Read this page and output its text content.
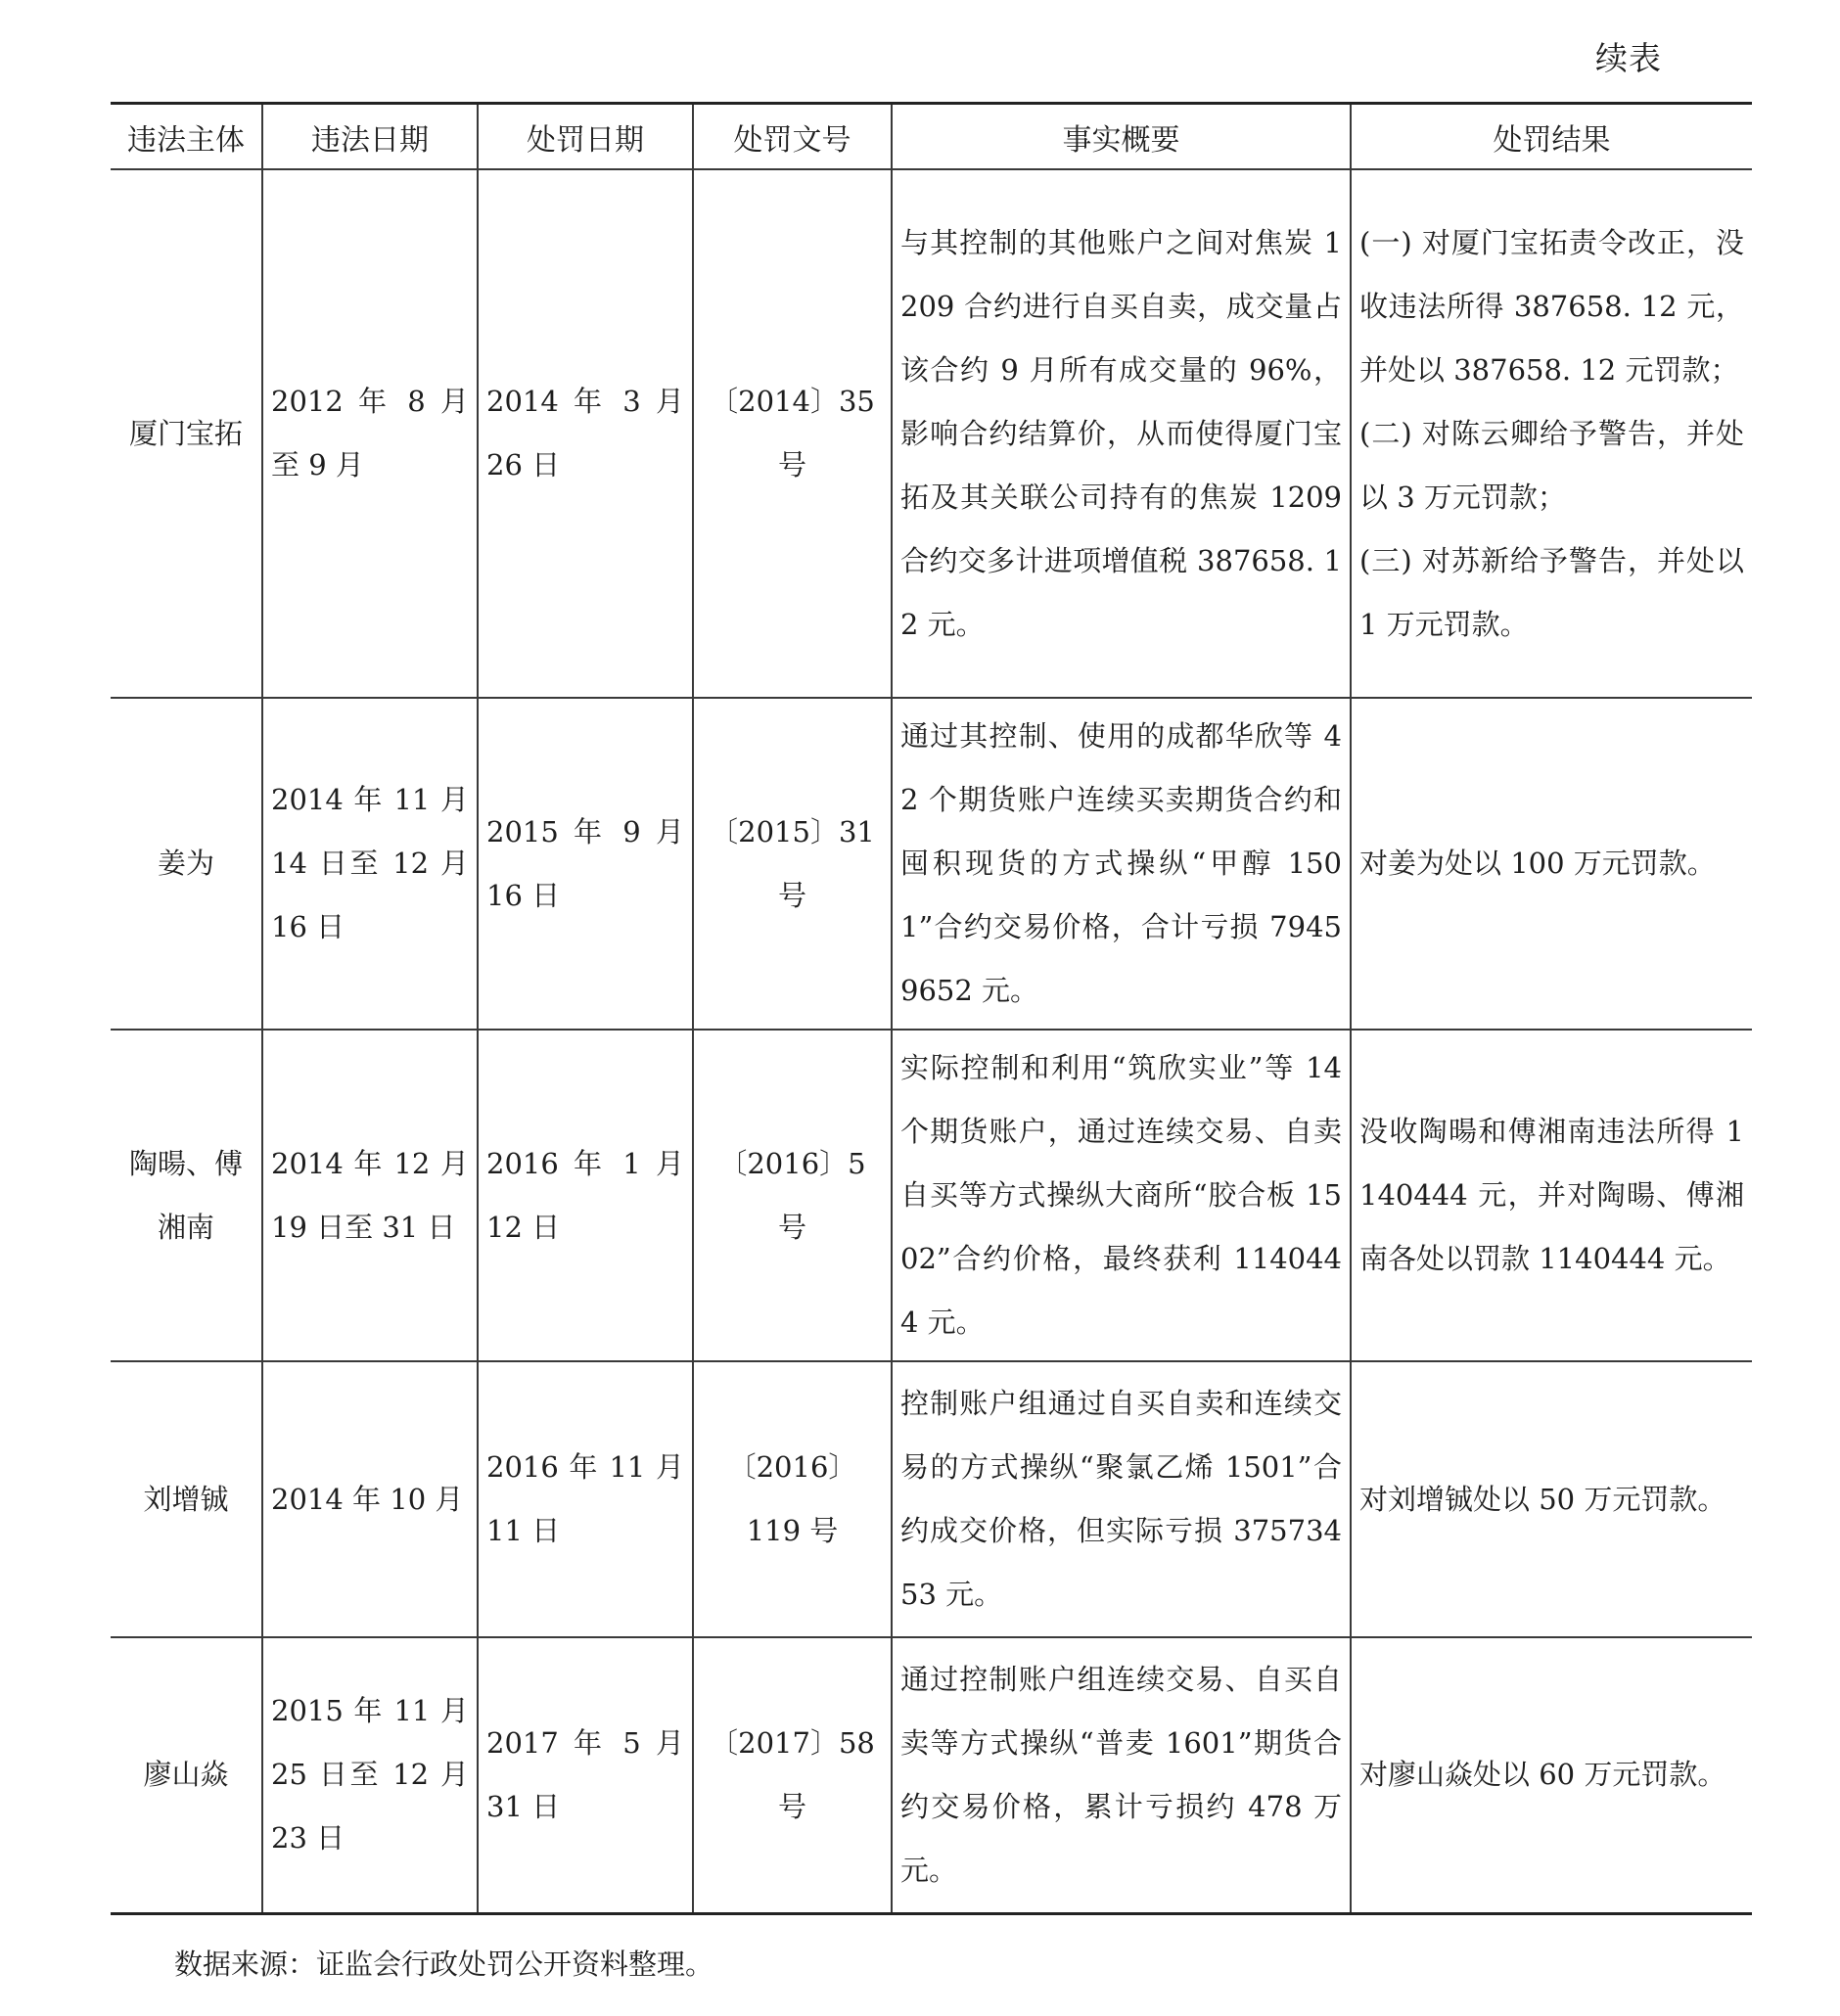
续表
违法主体	违法日期	处罚日期	处罚文号	事实概要	处罚结果
厦门宝拓	2012 年 8 月至 9 月	2014 年 3 月 26 日	〔2014〕35 号	与其控制的其他账户之间对焦炭 1209 合约进行自买自卖，成交量占该合约 9 月所有成交量的 96%，影响合约结算价，从而使得厦门宝拓及其关联公司持有的焦炭 1209 合约交多计进项增值税 387658. 12 元。	(一) 对厦门宝拓责令改正，没收违法所得 387658. 12 元，并处以 387658. 12 元罚款；
(二) 对陈云卿给予警告，并处以 3 万元罚款；
(三) 对苏新给予警告，并处以 1 万元罚款。

姜为	2014 年 11 月 14 日至 12 月 16 日	2015 年 9 月 16 日	〔2015〕31 号	通过其控制、使用的成都华欣等 42 个期货账户连续买卖期货合约和囤积现货的方式操纵“甲醇 1501”合约交易价格，合计亏损 79459652 元。	对姜为处以 100 万元罚款。

陶暘、傅湘南	2014 年 12 月 19 日至 31 日	2016 年 1 月 12 日	〔2016〕5 号	实际控制和利用“筑欣实业”等 14 个期货账户，通过连续交易、自卖自买等方式操纵大商所“胶合板 1502”合约价格，最终获利 1140444 元。	没收陶暘和傅湘南违法所得 1140444 元，并对陶暘、傅湘南各处以罚款 1140444 元。

刘增铖	2014 年 10 月	2016 年 11 月 11 日	〔2016〕119 号	控制账户组通过自买自卖和连续交易的方式操纵“聚氯乙烯 1501”合约成交价格，但实际亏损 37573453 元。	对刘增铖处以 50 万元罚款。

廖山焱	2015 年 11 月 25 日至 12 月 23 日	2017 年 5 月 31 日	〔2017〕58 号	通过控制账户组连续交易、自买自卖等方式操纵“普麦 1601”期货合约交易价格，累计亏损约 478 万元。	对廖山焱处以 60 万元罚款。
数据来源：证监会行政处罚公开资料整理。
